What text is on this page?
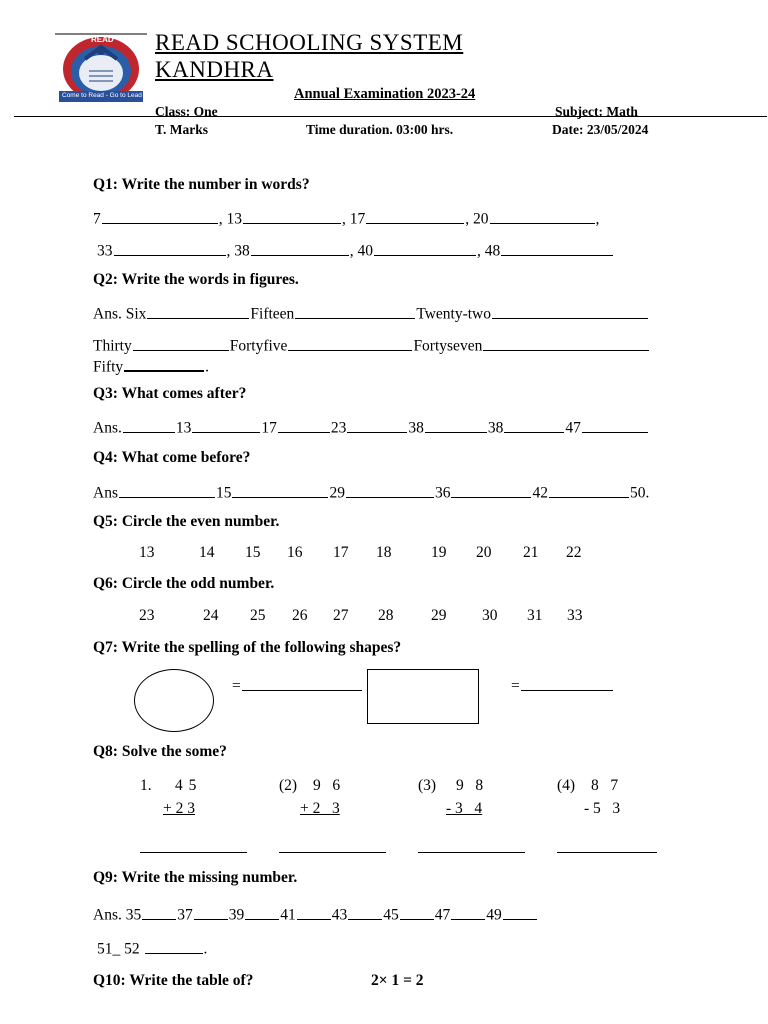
READ
Come to Read - Go to Lead
READ SCHOOLING SYSTEM
KANDHRA
Annual Examination 2023-24
Class: One	Subject: Math
T. Marks	Time duration. 03:00 hrs.	Date: 23/05/2024
Q1: Write the number in words?
7	, 13	, 17	, 20	,
33	, 38	, 40	, 48
Q2: Write the words in figures.
Ans. Six	Fifteen	Twenty-two
Thirty	Fortyfive	Fortyseven
Fifty	.
Q3: What comes after?
Ans.	13	17	23	38	38	47
Q4: What come before?
Ans	15	29	36	42	50.
Q5: Circle the even number.
13	14 15 16 17 18	19 20 21 22
Q6: Circle the odd number.
23	24 25 26 27 28 29 30 31 33
Q7: Write the spelling of the following shapes?
=	=
Q8: Solve the some?
1. 4 5
+ 2 3
(2) 9   6
+ 2   3
(3) 9   8
- 3   4
(4) 8   7
- 5   3
Q9: Write the missing number.
Ans. 35 37 39 41 43 45 47 49
51_ 52	.
Q10: Write the table of?	2× 1 = 2
